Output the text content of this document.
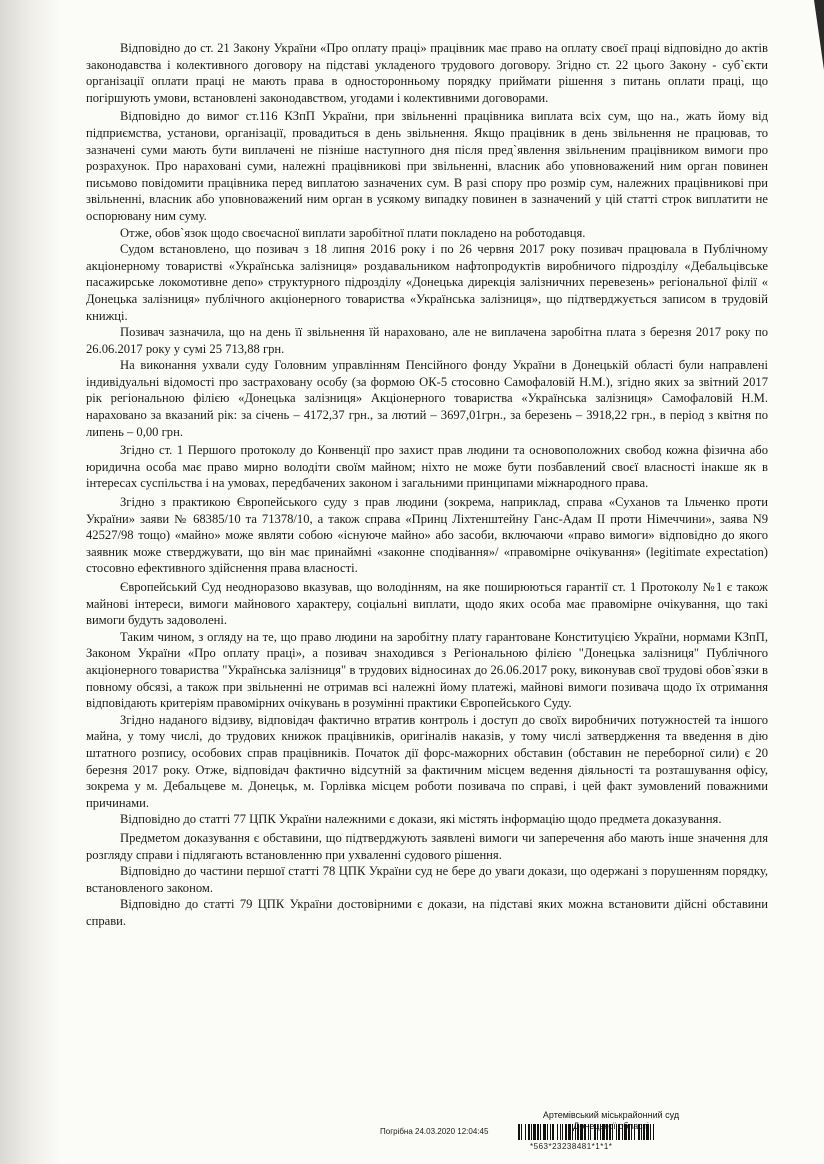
Відповідно до ст. 21 Закону України «Про оплату праці» працівник має право на оплату своєї праці відповідно до актів законодавства і колективного договору на підставі укладеного трудового договору. Згідно ст. 22 цього Закону - суб`єкти організації оплати праці не мають права в односторонньому порядку приймати рішення з питань оплати праці, що погіршують умови, встановлені законодавством, угодами і колективними договорами.

Відповідно до вимог ст.116 КЗпП України, при звільненні працівника виплата всіх сум, що на., жать йому від підприємства, установи, організації, провадиться в день звільнення. Якщо працівник в день звільнення не працював, то зазначені суми мають бути виплачені не пізніше наступного дня після пред`явлення звільненим працівником вимоги про розрахунок. Про нараховані суми, належні працівникові при звільненні, власник або уповноважений ним орган повинен письмово повідомити працівника перед виплатою зазначених сум. В разі спору про розмір сум, належних працівникові при звільненні, власник або уповноважений ним орган в усякому випадку повинен в зазначений у цій статті строк виплатити не оспорювану ним суму.

Отже, обов`язок щодо своєчасної виплати заробітної плати покладено на роботодавця.

Судом встановлено, що позивач з 18 липня 2016 року і по 26 червня 2017 року позивач працювала в Публічному акціонерному товаристві «Українська залізниця» роздавальником нафтопродуктів виробничого підрозділу «Дебальцівське пасажирське локомотивне депо» структурного підрозділу «Донецька дирекція залізничних перевезень» регіональної філії « Донецька залізниця» публічного акціонерного товариства «Українська залізниця», що підтверджується записом в трудовій книжці.

Позивач зазначила, що на день її звільнення їй нараховано, але не виплачена заробітна плата з березня 2017 року по 26.06.2017 року у сумі 25 713,88 грн.

На виконання ухвали суду Головним управлінням Пенсійного фонду України в Донецькій області були направлені індивідуальні відомості про застраховану особу (за формою ОК-5 стосовно Самофаловій Н.М.), згідно яких за звітний 2017 рік регіональною філією «Донецька залізниця» Акціонерного товариства «Українська залізниця» Самофаловій Н.М. нараховано за вказаний рік: за січень – 4172,37 грн., за лютий – 3697,01грн., за березень – 3918,22 грн., в період з квітня по липень – 0,00 грн.

Згідно ст. 1 Першого протоколу до Конвенції про захист прав людини та основоположних свобод кожна фізична або юридична особа має право мирно володіти своїм майном; ніхто не може бути позбавлений своєї власності інакше як в інтересах суспільства і на умовах, передбачених законом і загальними принципами міжнародного права.

Згідно з практикою Європейського суду з прав людини (зокрема, наприклад, справа «Суханов та Ільченко проти України» заяви № 68385/10 та 71378/10, а також справа «Принц Ліхтенштейну Ганс-Адам II проти Німеччини», заява N9 42527/98 тощо) «майно» може являти собою «існуюче майно» або засоби, включаючи «право вимоги» відповідно до якого заявник може стверджувати, що він має принаймні «законне сподівання»/ «правомірне очікування» (legitimate expectation) стосовно ефективного здійснення права власності.

Європейський Суд неодноразово вказував, що володінням, на яке поширюються гарантії ст. 1 Протоколу №1 є також майнові інтереси, вимоги майнового характеру, соціальні виплати, щодо яких особа має правомірне очікування, що такі вимоги будуть задоволені.

Таким чином, з огляду на те, що право людини на заробітну плату гарантоване Конституцією України, нормами КЗпП, Законом України «Про оплату праці», а позивач знаходився з Регіональною філією "Донецька залізниця" Публічного акціонерного товариства "Українська залізниця" в трудових відносинах до 26.06.2017 року, виконував свої трудові обов`язки в повному обсязі, а також при звільненні не отримав всі належні йому платежі, майнові вимоги позивача щодо їх отримання відповідають критеріям правомірних очікувань в розумінні практики Європейського Суду.

Згідно наданого відзиву, відповідач фактично втратив контроль і доступ до своїх виробничих потужностей та іншого майна, у тому числі, до трудових книжок працівників, оригіналів наказів, у тому числі затвердження та введення в дію штатного розпису, особових справ працівників. Початок дії форс-мажорних обставин (обставин не переборної сили) є 20 березня 2017 року. Отже, відповідач фактично відсутній за фактичним місцем ведення діяльності та розташування офісу, зокрема у м. Дебальцеве м. Донецьк, м. Горлівка місцем роботи позивача по справі, і цей факт зумовлений поважними причинами.

Відповідно до статті 77 ЦПК України належними є докази, які містять інформацію щодо предмета доказування.

Предметом доказування є обставини, що підтверджують заявлені вимоги чи заперечення або мають інше значення для розгляду справи і підлягають встановленню при ухваленні судового рішення.

Відповідно до частини першої статті 78 ЦПК України суд не бере до уваги докази, що одержані з порушенням порядку, встановленого законом.

Відповідно до статті 79 ЦПК України достовірними є докази, на підставі яких можна встановити дійсні обставини справи.

Артемівський міськрайонний суд
Погрібна 24.03.2020 12:04:45
*563*23238481*1*1*
